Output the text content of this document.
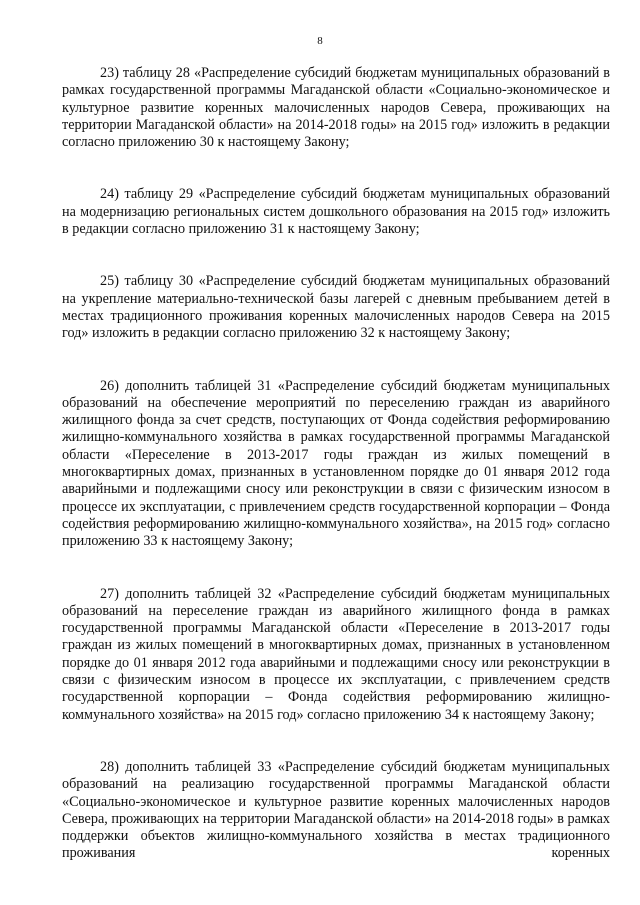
8

23) таблицу 28 «Распределение субсидий бюджетам муниципальных образований в рамках государственной программы Магаданской области «Социально-экономическое и культурное развитие коренных малочисленных народов Севера, проживающих на территории Магаданской области» на 2014-2018 годы» на 2015 год» изложить в редакции согласно приложению 30 к настоящему Закону;

24) таблицу 29 «Распределение субсидий бюджетам муниципальных образований на модернизацию региональных систем дошкольного образования на 2015 год» изложить в редакции согласно приложению 31 к настоящему Закону;

25) таблицу 30 «Распределение субсидий бюджетам муниципальных образований на укрепление материально-технической базы лагерей с дневным пребыванием детей в местах традиционного проживания коренных малочисленных народов Севера на 2015 год» изложить в редакции согласно приложению 32 к настоящему Закону;

26) дополнить таблицей 31 «Распределение субсидий бюджетам муниципальных образований на обеспечение мероприятий по переселению граждан из аварийного жилищного фонда за счет средств, поступающих от Фонда содействия реформированию жилищно-коммунального хозяйства в рамках государственной программы Магаданской области «Переселение в 2013-2017 годы граждан из жилых помещений в многоквартирных домах, признанных в установленном порядке до 01 января 2012 года аварийными и подлежащими сносу или реконструкции в связи с физическим износом в процессе их эксплуатации, с привлечением средств государственной корпорации – Фонда содействия реформированию жилищно-коммунального хозяйства», на 2015 год» согласно приложению 33 к настоящему Закону;

27) дополнить таблицей 32 «Распределение субсидий бюджетам муниципальных образований на переселение граждан из аварийного жилищного фонда в рамках государственной программы Магаданской области «Переселение в 2013-2017 годы граждан из жилых помещений в многоквартирных домах, признанных в установленном порядке до 01 января 2012 года аварийными и подлежащими сносу или реконструкции в связи с физическим износом в процессе их эксплуатации, с привлечением средств государственной корпорации – Фонда содействия реформированию жилищно-коммунального хозяйства» на 2015 год» согласно приложению 34 к настоящему Закону;

28) дополнить таблицей 33 «Распределение субсидий бюджетам муниципальных образований на реализацию государственной программы Магаданской области «Социально-экономическое и культурное развитие коренных малочисленных народов Севера, проживающих на территории Магаданской области» на 2014-2018 годы» в рамках поддержки объектов жилищно-коммунального хозяйства в местах традиционного проживания коренных
